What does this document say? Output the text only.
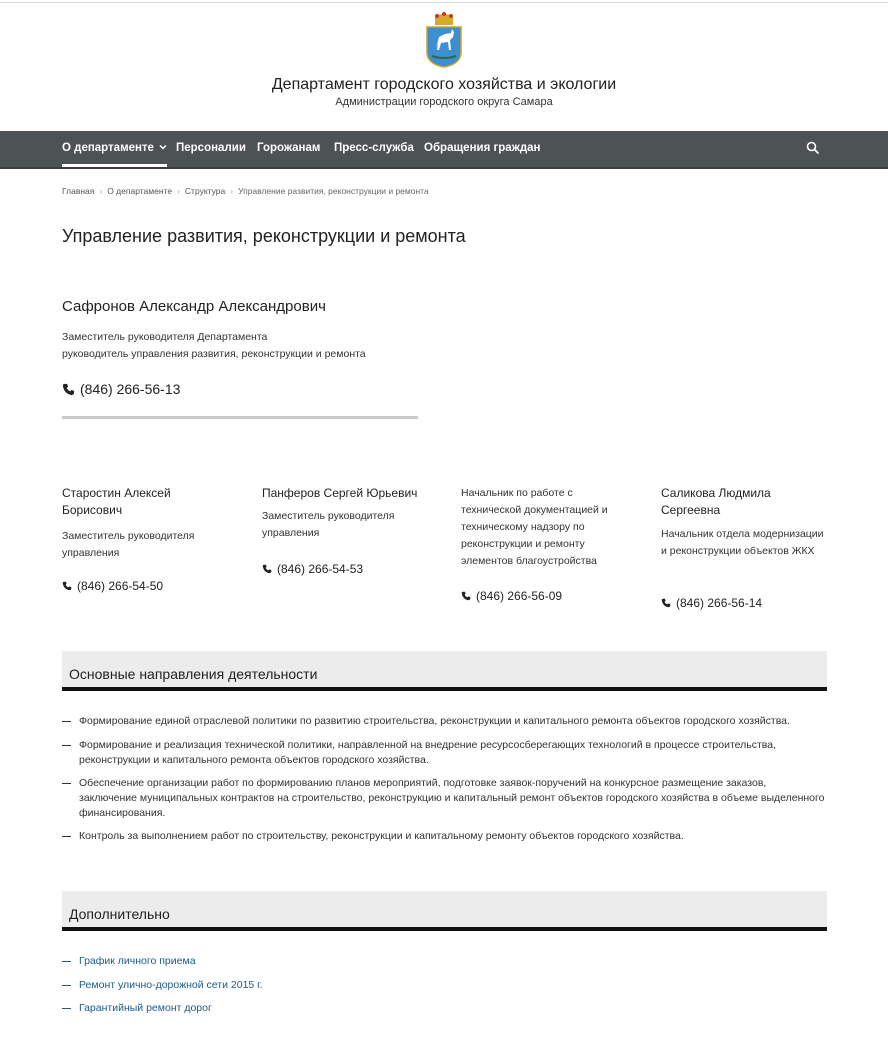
Департамент городского хозяйства и экологии
Администрации городского округа Самара
О департаменте	Персоналии Горожанам Пресс-служба Обращения граждан
Главная › О департаменте › Структура › Управление развития, реконструкции и ремонта
Управление развития, реконструкции и ремонта
Сафронов Александр Александрович
Заместитель руководителя Департамента
руководитель управления развития, реконструкции и ремонта
(846) 266-56-13
Старостин Алексей Борисович
Заместитель руководителя управления
(846) 266-54-50
Панферов Сергей Юрьевич
Заместитель руководителя управления
(846) 266-54-53
Начальник по работе с технической документацией и техническому надзору по реконструкции и ремонту элементов благоустройства
(846) 266-56-09
Саликова Людмила Сергеевна
Начальник отдела модернизации и реконструкции объектов ЖКХ
(846) 266-56-14
Основные направления деятельности
Формирование единой отраслевой политики по развитию строительства, реконструкции и капитального ремонта объектов городского хозяйства.
Формирование и реализация технической политики, направленной на внедрение ресурсосберегающих технологий в процессе строительства, реконструкции и капитального ремонта объектов городского хозяйства.
Обеспечение организации работ по формированию планов мероприятий, подготовке заявок-поручений на конкурсное размещение заказов, заключение муниципальных контрактов на строительство, реконструкцию и капитальный ремонт объектов городского хозяйства в объеме выделенного финансирования.
Контроль за выполнением работ по строительству, реконструкции и капитальному ремонту объектов городского хозяйства.
Дополнительно
График личного приема
Ремонт улично-дорожной сети 2015 г.
Гарантийный ремонт дорог
